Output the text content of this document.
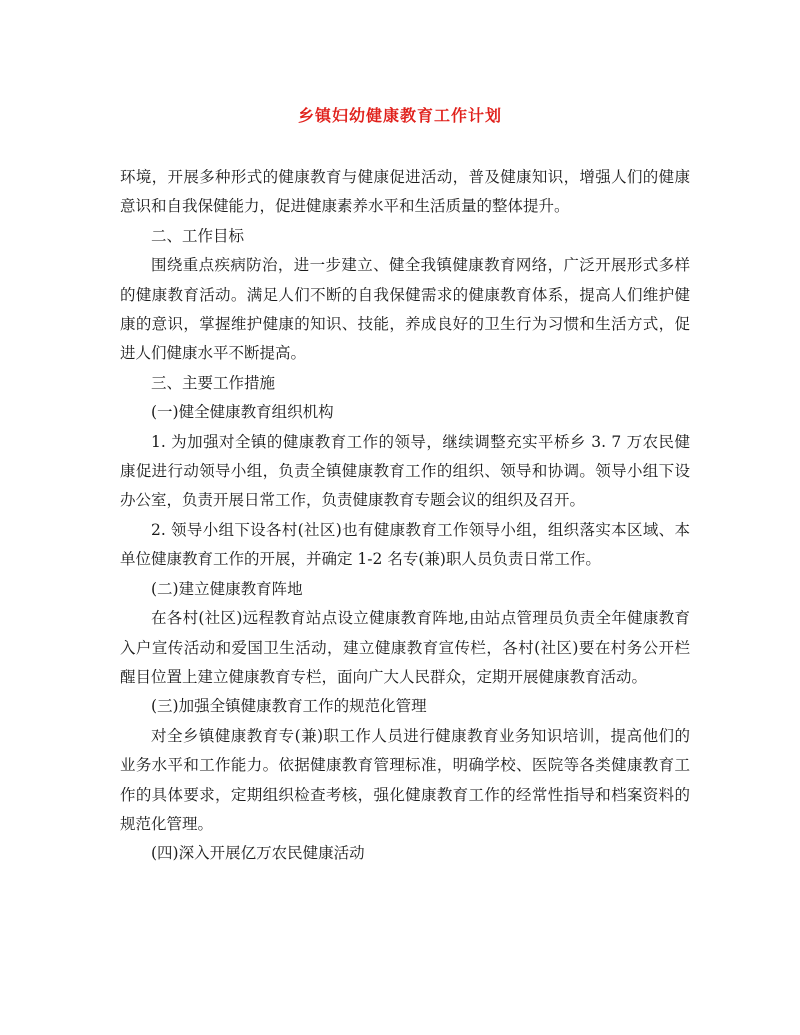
乡镇妇幼健康教育工作计划

环境，开展多种形式的健康教育与健康促进活动，普及健康知识，增强人们的健康意识和自我保健能力，促进健康素养水平和生活质量的整体提升。

二、工作目标

围绕重点疾病防治，进一步建立、健全我镇健康教育网络，广泛开展形式多样的健康教育活动。满足人们不断的自我保健需求的健康教育体系，提高人们维护健康的意识，掌握维护健康的知识、技能，养成良好的卫生行为习惯和生活方式，促进人们健康水平不断提高。

三、主要工作措施

(一)健全健康教育组织机构

1. 为加强对全镇的健康教育工作的领导，继续调整充实平桥乡 3. 7 万农民健康促进行动领导小组，负责全镇健康教育工作的组织、领导和协调。领导小组下设办公室，负责开展日常工作，负责健康教育专题会议的组织及召开。

2. 领导小组下设各村(社区)也有健康教育工作领导小组，组织落实本区域、本单位健康教育工作的开展，并确定 1-2 名专(兼)职人员负责日常工作。

(二)建立健康教育阵地

在各村(社区)远程教育站点设立健康教育阵地,由站点管理员负责全年健康教育入户宣传活动和爱国卫生活动，建立健康教育宣传栏，各村(社区)要在村务公开栏醒目位置上建立健康教育专栏，面向广大人民群众，定期开展健康教育活动。

(三)加强全镇健康教育工作的规范化管理

对全乡镇健康教育专(兼)职工作人员进行健康教育业务知识培训，提高他们的业务水平和工作能力。依据健康教育管理标准，明确学校、医院等各类健康教育工作的具体要求，定期组织检查考核，强化健康教育工作的经常性指导和档案资料的规范化管理。

(四)深入开展亿万农民健康活动
